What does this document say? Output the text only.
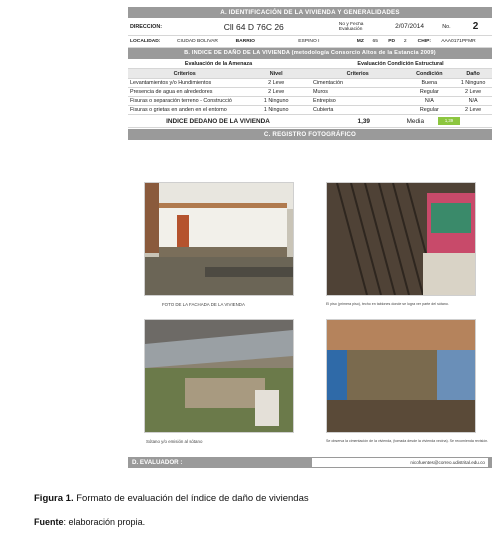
A. IDENTIFICACIÓN DE LA VIVIENDA Y GENERALIDADES
DIRECCIÓN:	Cll 64 D 76C 26	No y Fecha Evaluación	2/07/2014	No.	2
LOCALIDAD:	CIUDAD BOLIVAR	BARRIO	ESPINO I	MZ	65	PD	2	CHIP:	AAA0171PFMR
B. INDICE DE DAÑO DE LA VIVIENDA (metodología Consorcio Altos de la Estancia 2009)
Evaluación de la Amenaza	Evaluación Condición Estructural
Criterios	Nivel	Criterios	Condición	Daño
Levantamientos y/o Hundimientos	2 Leve	Cimentación	Buena	1 Ninguno
Presencia de agua en alrededores	2 Leve	Muros	Regular	2 Leve
Fisuras o separación terreno - Construcció	1 Ninguno	Entrepiso	N/A	N/A
Fisuras o grietas en anden en el entorno	1 Ninguno	Cubierta	Regular	2 Leve
INDICE DEDAÑO DE LA VIVIENDA	1,39	Media	1,39
C. REGISTRO FOTOGRÁFICO
FOTO DE LA FACHADA DE LA VIVIENDA	El piso (primera piso), techo en tablones donde se logra ver parte del sótano.
Sótano y/o emisión al sótano	Se observa la cimentación de la vivienda, (tomada desde la vivienda vecina). Se recomienda revisión.
D. EVALUADOR :	nicofuentes@correo.udistrital.edu.co
Figura 1. Formato de evaluación del índice de daño de viviendas
Fuente: elaboración propia.
